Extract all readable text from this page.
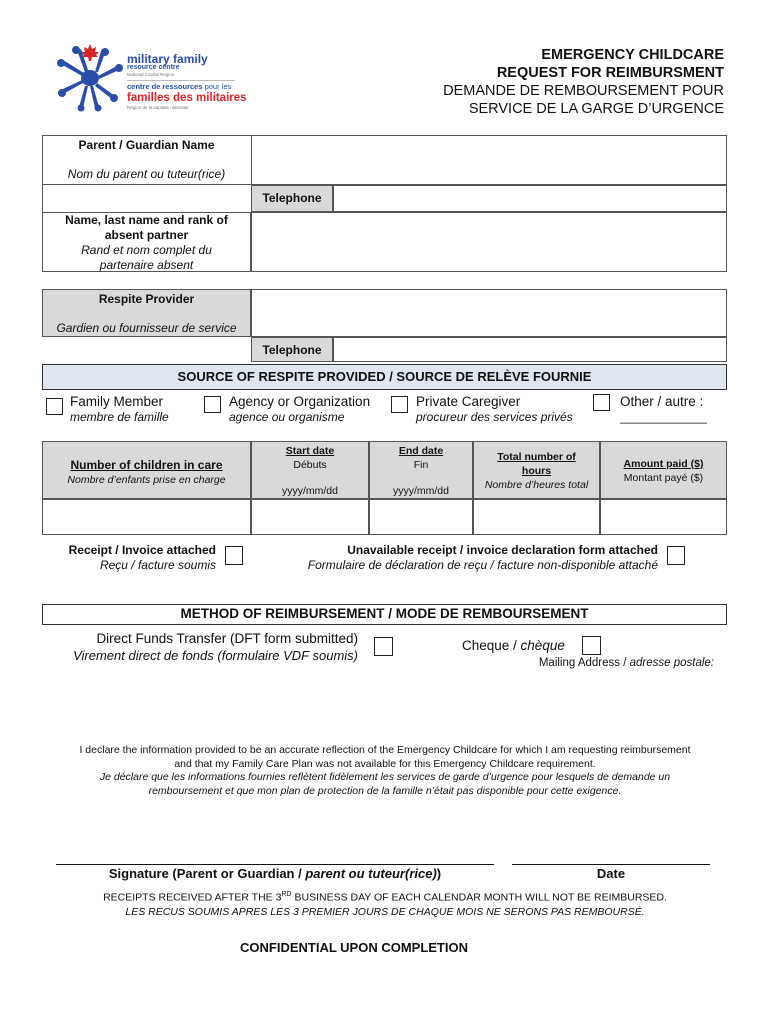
military family
resource centre
National Capital Region
centre de ressources pour les
familles des militaires
Région de la capitale nationale
EMERGENCY CHILDCARE
REQUEST FOR REIMBURSMENT
DEMANDE DE REMBOURSEMENT POUR
SERVICE DE LA GARGE D’URGENCE
Parent / Guardian Name
Nom du parent ou tuteur(rice)
Telephone
Name, last name and rank of
absent partner
Rand et nom complet du
partenaire absent
Respite Provider
Gardien ou fournisseur de service
Telephone
SOURCE OF RESPITE PROVIDED / SOURCE DE RELÈVE FOURNIE
Family Member
membre de famille
Agency or Organization
agence ou organisme
Private Caregiver
procureur des services privés
Other / autre :
_____________
Number of children in care
Nombre d’enfants prise en charge
Start date
Débuts
yyyy/mm/dd
End date
Fin
yyyy/mm/dd
Total number of
hours
Nombre d’heures total
Amount paid ($)
Montant payé ($)
Receipt / Invoice attached
Reçu / facture soumis
Unavailable receipt / invoice declaration form attached
Formulaire de déclaration de reçu / facture non-disponible attaché
METHOD OF REIMBURSEMENT / MODE DE REMBOURSEMENT
Direct Funds Transfer (DFT form submitted)
Virement direct de fonds (formulaire VDF soumis)
Cheque / chèque
Mailing Address / adresse postale:
I declare the information provided to be an accurate reflection of the Emergency Childcare for which I am requesting reimbursement
and that my Family Care Plan was not available for this Emergency Childcare requirement.
Je déclare que les informations fournies reflètent fidèlement les services de garde d’urgence pour lesquels de demande un
remboursement et que mon plan de protection de la famille n’était pas disponible pour cette exigence.
Signature (Parent or Guardian / parent ou tuteur(rice))	Date
RECEIPTS RECEIVED AFTER THE 3RD BUSINESS DAY OF EACH CALENDAR MONTH WILL NOT BE REIMBURSED.
LES RECUS SOUMIS APRES LES 3 PREMIER JOURS DE CHAQUE MOIS NE SERONS PAS REMBOURSÉ.
CONFIDENTIAL UPON COMPLETION
